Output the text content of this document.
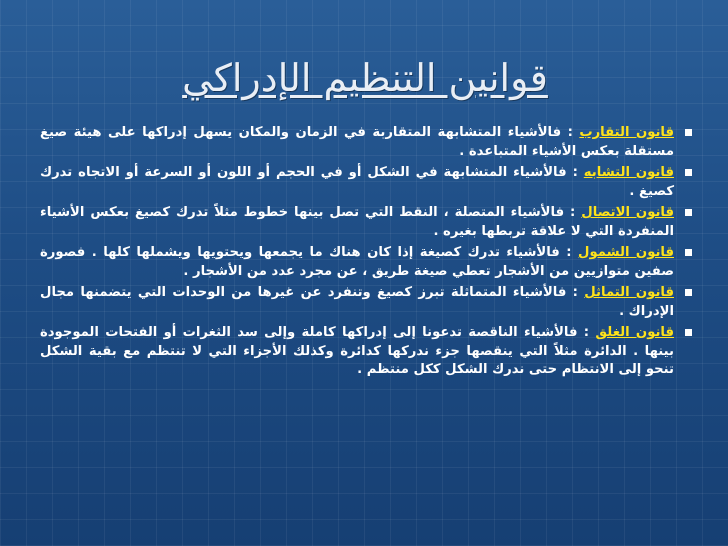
قوانين التنظيم الإدراكي
قانون التقارب : فالأشياء المتشابهة المتقاربة في الزمان والمكان يسهل إدراكها على هيئة صيغ مستقلة بعكس الأشياء المتباعدة .
قانون التشابه : فالأشياء المتشابهة في الشكل أو في الحجم أو اللون أو السرعة أو الاتجاه تدرك كصيغ .
قانون الاتصال : فالأشياء المتصلة ، النقط التي تصل بينها خطوط مثلاً تدرك كصيغ بعكس الأشياء المنفردة التي لا علاقة تربطها بغيره .
قانون الشمول : فالأشياء تدرك كصيغة إذا كان هناك ما يجمعها ويحتويها ويشملها كلها . فصورة صفين متوازيين من الأشجار تعطي صيغة طريق ، عن مجرد عدد من الأشجار .
قانون التماثل : فالأشياء المتماثلة تبرز كصيغ وتنفرد عن غيرها من الوحدات التي يتضمنها مجال الإدراك .
قانون الغلق : فالأشياء الناقصة تدعونا إلى إدراكها كاملة وإلى سد الثغرات أو الفتحات الموجودة بينها . الدائرة مثلاً التي ينقصها جزء ندركها كدائرة وكذلك الأجزاء التي لا تنتظم مع بقية الشكل تنحو إلى الانتظام حتى ندرك الشكل ككل منتظم .
